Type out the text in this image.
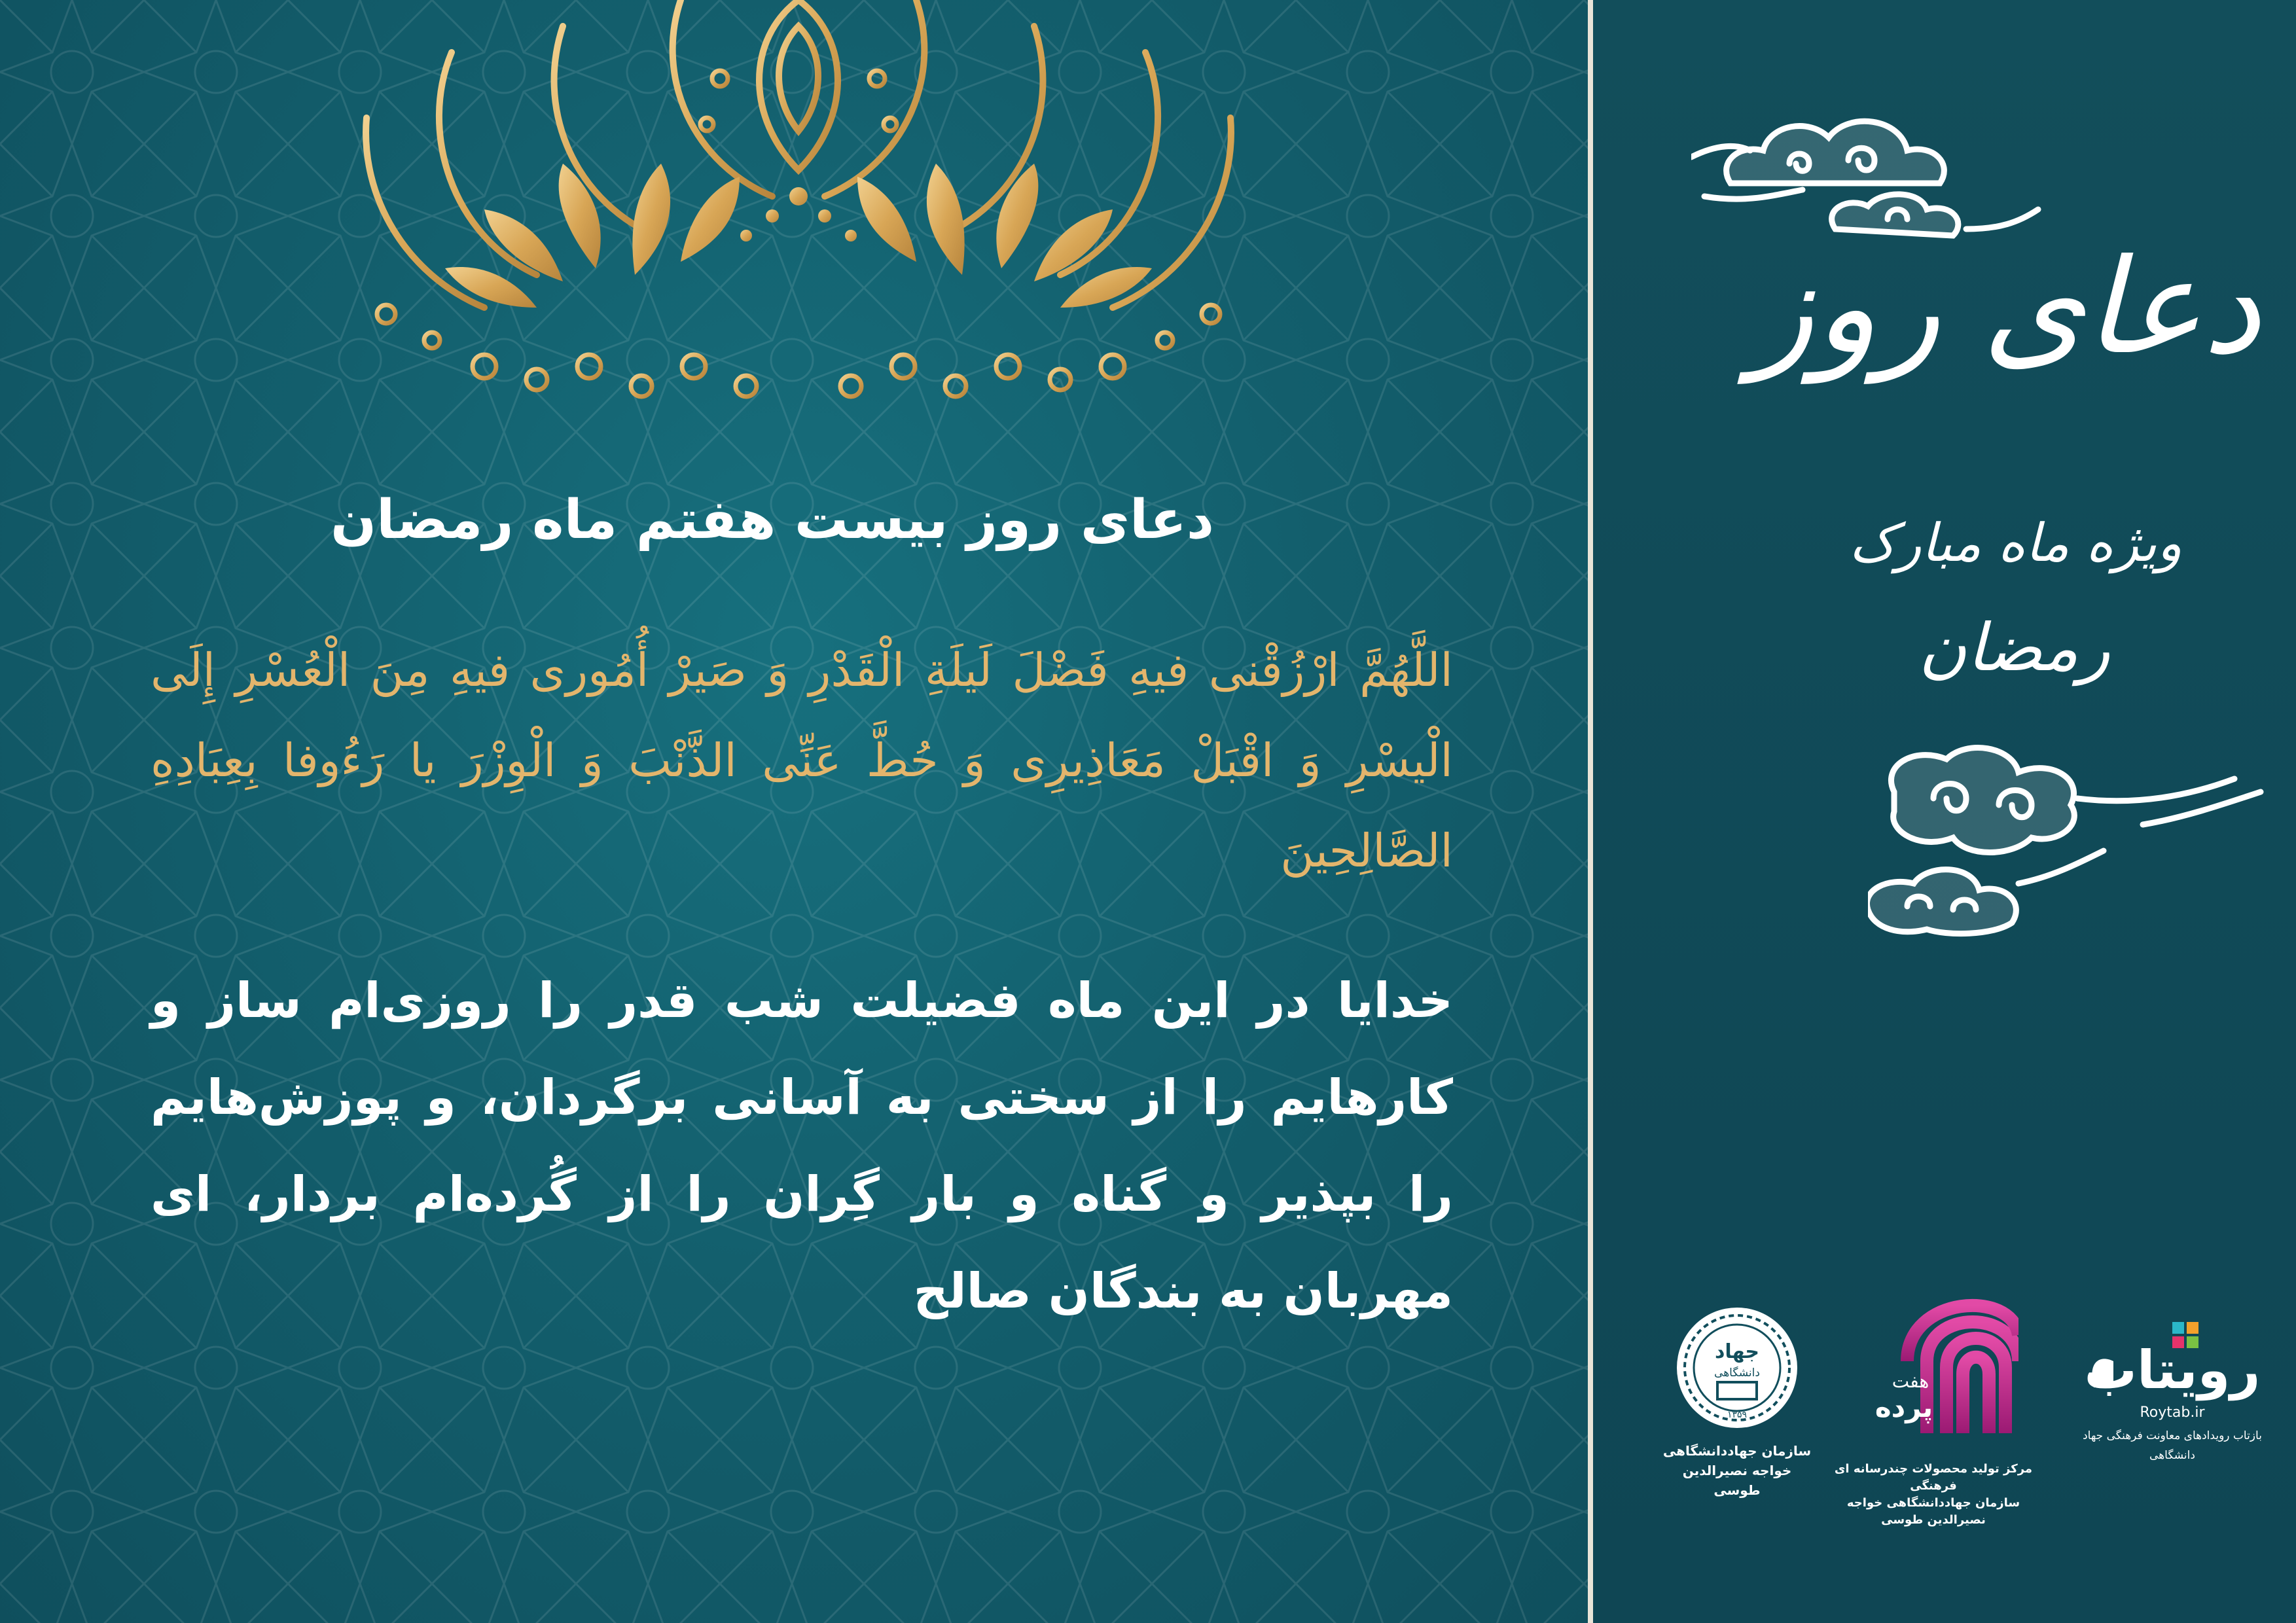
دعای روز بیست هفتم ماه رمضان
اللَّهُمَّ ارْزُقْنی فیهِ فَضْلَ لَیلَةِ الْقَدْرِ وَ صَیرْ أُمُوری فیهِ مِنَ الْعُسْرِ إِلَى الْیسْرِ وَ اقْبَلْ مَعَاذِیرِی وَ حُطَّ عَنِّی الذَّنْبَ وَ الْوِزْرَ یا رَءُوفا بِعِبَادِهِ الصَّالِحِینَ
خدایا در این ماه فضیلت شب قدر را روزی‌ام ساز و کارهایم را از سختی به آسانی برگردان، و پوزش‌هایم را بپذیر و گناه و بار گِران را از گُرده‌ام بردار، ای مهربان به بندگان صالح
دعای روز
ویژه ماه مبارک
رمضان
رویتاب
Roytab.ir
بازتاب رویدادهای معاونت فرهنگی جهاد دانشگاهی
هفت
پرده
مرکز تولید محصولات چندرسانه ای فرهنگی
سازمان جهاددانشگاهی خواجه نصیرالدین طوسی
جهاد
دانشگاهی
۱۳۵۹
سازمان جهاددانشگاهی
خواجه نصیرالدین طوسی
